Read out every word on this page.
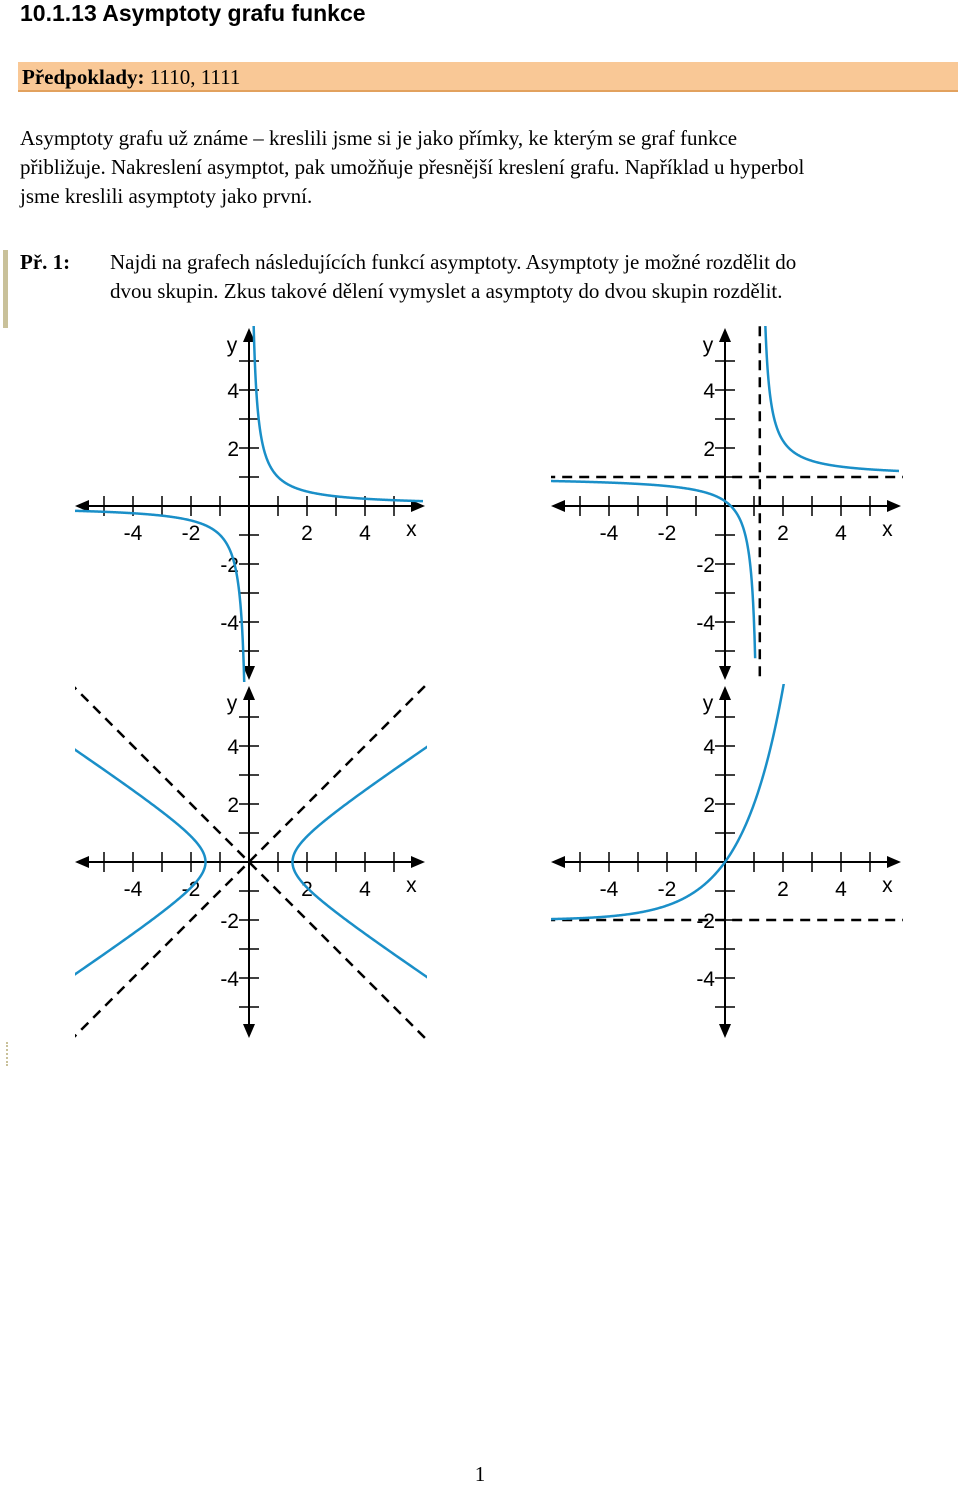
10.1.13 Asymptoty grafu funkce
Předpoklady: 1110, 1111

Asymptoty grafu už známe – kreslili jsme si je jako přímky, ke kterým se graf funkce

přibližuje. Nakreslení asymptot, pak umožňuje přesnější kreslení grafu. Například u hyperbol

jsme kreslili asymptoty jako první.

Př. 1: Najdi na grafech následujících funkcí asymptoty. Asymptoty je možné rozdělit do
dvou skupin. Zkus takové dělení vymyslet a asymptoty do dvou skupin rozdělit.
-4 -2	2 4
4
2
-2
-4
x
y
-4 -2	2 4
4
2
-2
-4
x
y
-4 -2	2 4
4
2
-2
-4
x
y
-4 -2	2 4
4
2
-2
-4
x
y
1
